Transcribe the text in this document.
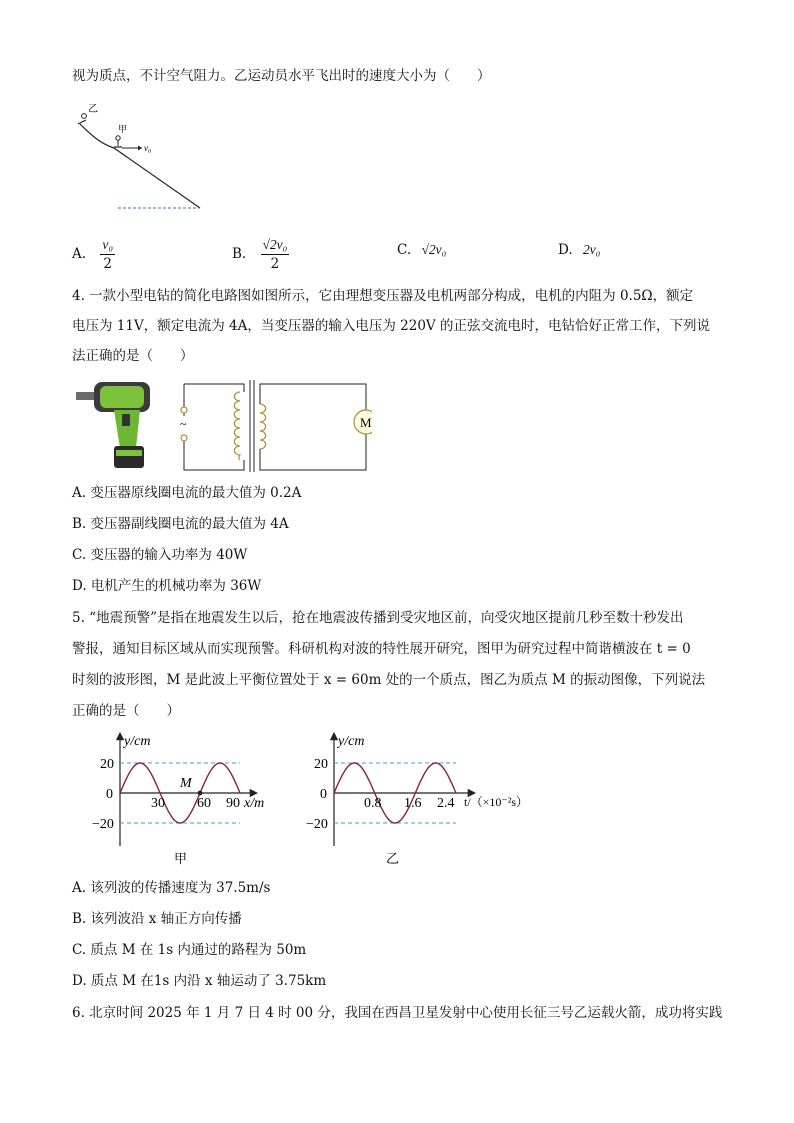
视为质点，不计空气阻力。乙运动员水平飞出时的速度大小为（　　）
乙
甲
v₀
A. $\frac{\text{v₀}}{2}$	B. $\frac{\text{√2v₀}}{2}$	C. √2v₀	D. 2v₀
4. 一款小型电钻的简化电路图如图所示，它由理想变压器及电机两部分构成，电机的内阻为 0.5Ω，额定
电压为 11V，额定电流为 4A，当变压器的输入电压为 220V 的正弦交流电时，电钻恰好正常工作，下列说
法正确的是（　　）
~	M
A. 变压器原线圈电流的最大值为 0.2A
B. 变压器副线圈电流的最大值为 4A
C. 变压器的输入功率为 40W
D. 电机产生的机械功率为 36W
5. “地震预警”是指在地震发生以后，抢在地震波传播到受灾地区前，向受灾地区提前几秒至数十秒发出
警报，通知目标区域从而实现预警。科研机构对波的特性展开研究，图甲为研究过程中简谐横波在 t = 0
时刻的波形图，M 是此波上平衡位置处于 x = 60m 处的一个质点，图乙为质点 M 的振动图像，下列说法
正确的是（　　）
y/cm
x/m
20
0
−20
30 60 90
M
甲
y/cm
t/（×10⁻²s）
20
0
−20
0.8 1.6 2.4
乙
A. 该列波的传播速度为 37.5m/s
B. 该列波沿 x 轴正方向传播
C. 质点 M 在 1s 内通过的路程为 50m
D. 质点 M 在1s 内沿 x 轴运动了 3.75km
6. 北京时间 2025 年 1 月 7 日 4 时 00 分，我国在西昌卫星发射中心使用长征三号乙运载火箭，成功将实践
